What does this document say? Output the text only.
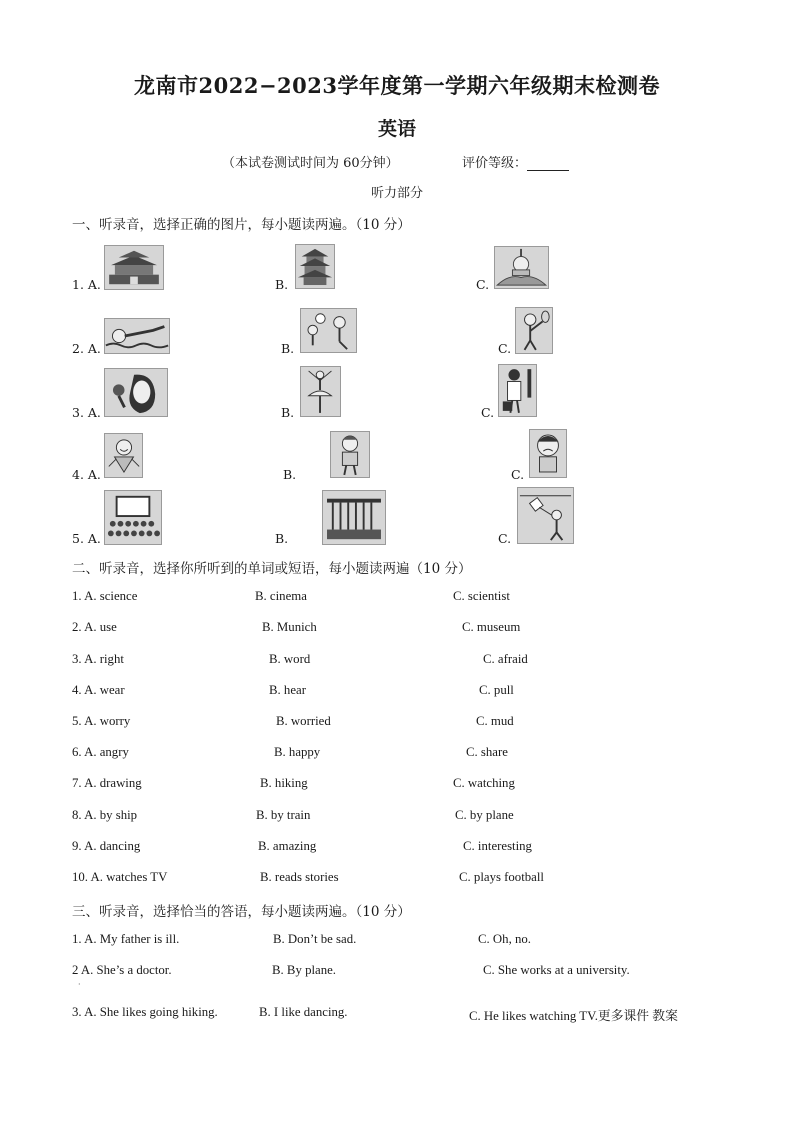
龙南市2022−2023学年度第一学期六年级期末检测卷
英语
（本试卷测试时间为 60分钟）	评价等级：
听力部分
一、听录音，选择正确的图片，每小题读两遍。（10 分）
1. A.	B.	C.
2. A.	B.	C.
3. A.	B.	C.
4. A.	B.	C.
5. A.	B.	C.
二、听录音，选择你所听到的单词或短语，每小题读两遍（10 分）
1. A. science	B. cinema	C. scientist
2. A. use	B. Munich	C. museum
3. A. right	B. word	C. afraid
4. A. wear	B. hear	C. pull
5. A. worry	B. worried	C. mud
6. A. angry	B. happy	C. share
7. A. drawing	B. hiking	C. watching
8. A. by ship	B. by train	C. by plane
9. A. dancing	B. amazing	C. interesting
10. A. watches TV	B. reads stories	C. plays football
三、听录音，选择恰当的答语，每小题读两遍。（10 分）
1. A. My father is ill.	B. Don’t be sad.	C. Oh, no.
2 A. She’s a doctor.	B. By plane.	C. She works at a university.
·
3. A. She likes going hiking.	B. I like dancing.	C. He likes watching TV.更多课件 教案
